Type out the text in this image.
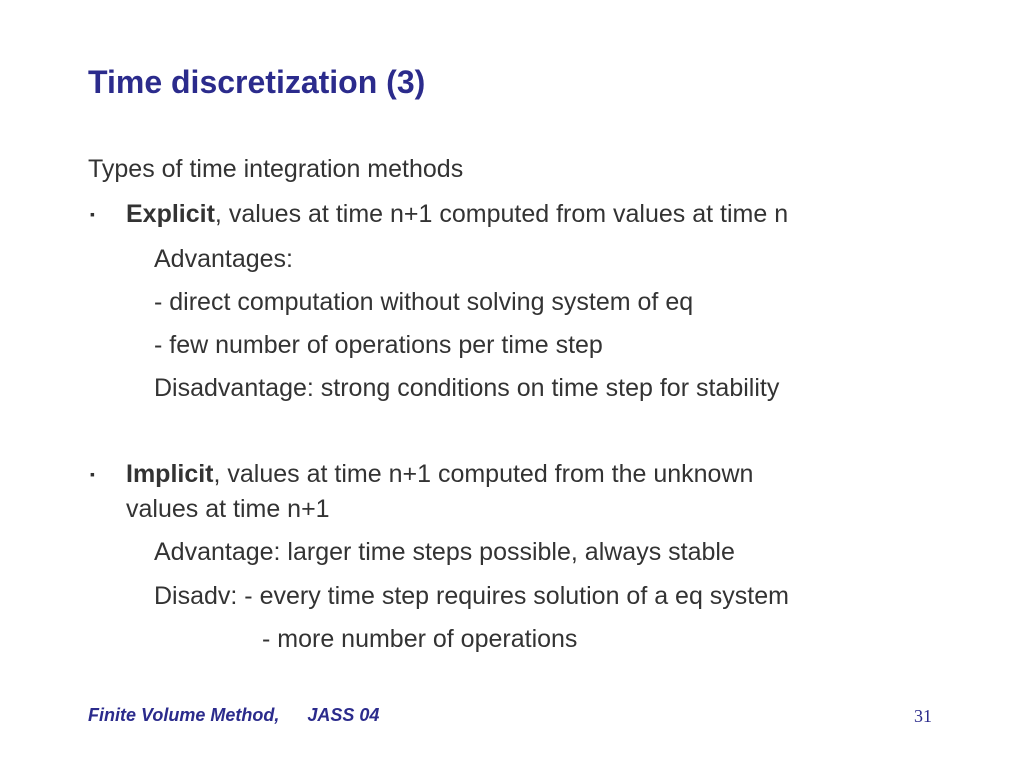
Time discretization (3)
Types of time integration methods
▪ Explicit, values at time n+1 computed from values at time n
Advantages:
- direct computation without solving system of eq
- few number of operations per time step
Disadvantage: strong conditions on time step for stability
▪ Implicit, values at time n+1 computed from the unknown
values at time n+1
Advantage: larger time steps possible, always stable
Disadv: - every time step requires solution of a eq system
- more number of operations
Finite Volume Method, JASS 04	31
